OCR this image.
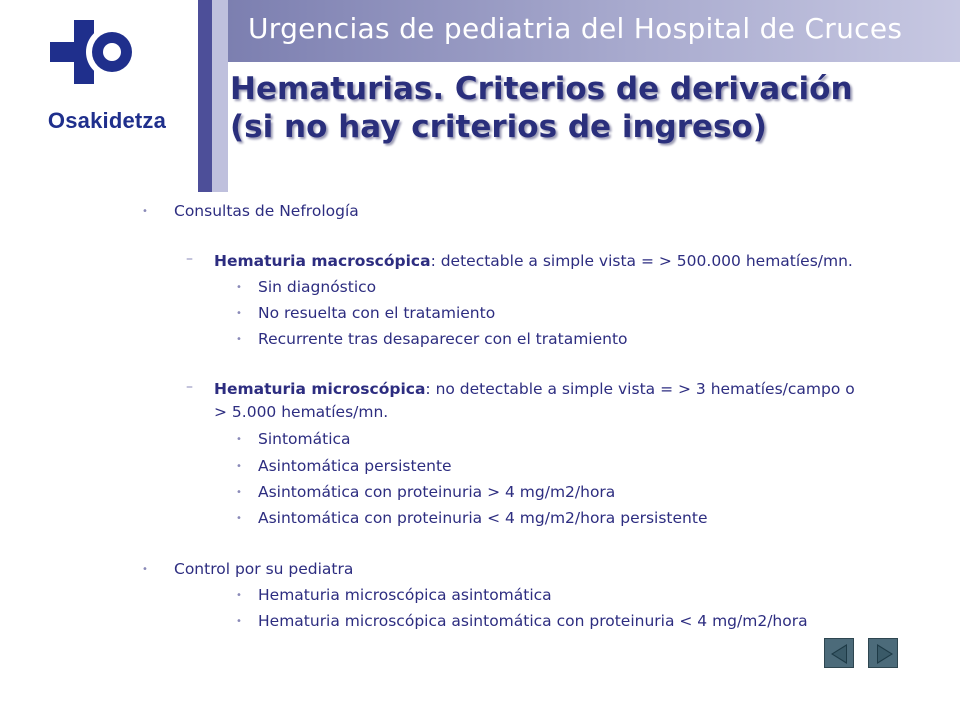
Osakidetza
Urgencias de pediatria del Hospital de Cruces
Hematurias. Criterios de derivación
(si no hay criterios de ingreso)
• Consultas de Nefrología
– Hematuria macroscópica: detectable a simple vista = > 500.000 hematíes/mn.
• Sin diagnóstico
• No resuelta con el tratamiento
• Recurrente tras desaparecer con el tratamiento
– Hematuria microscópica: no detectable a simple vista = > 3 hematíes/campo o
> 5.000 hematíes/mn.
• Sintomática
• Asintomática persistente
• Asintomática con proteinuria > 4 mg/m2/hora
• Asintomática con proteinuria < 4 mg/m2/hora persistente
• Control por su pediatra
• Hematuria microscópica asintomática
• Hematuria microscópica asintomática con proteinuria < 4 mg/m2/hora
